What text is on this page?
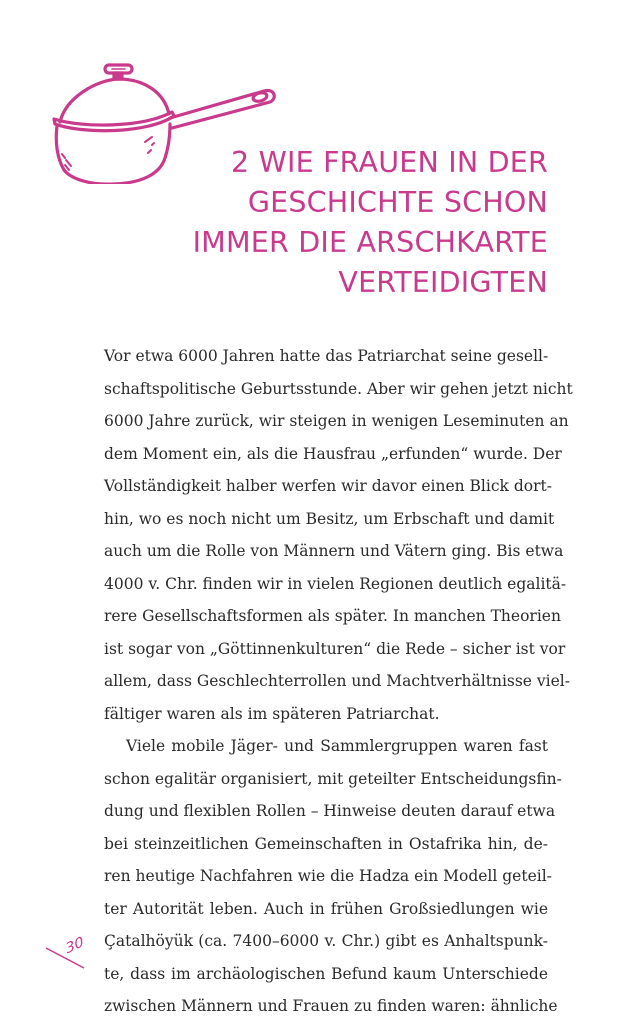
2 WIE FRAUEN IN DER
GESCHICHTE SCHON
IMMER DIE ARSCHKARTE
VERTEIDIGTEN
Vor etwa 6000 Jahren hatte das Patriarchat seine gesell-
schaftspolitische Geburtsstunde. Aber wir gehen jetzt nicht
6000 Jahre zurück, wir steigen in wenigen Leseminuten an
dem Moment ein, als die Hausfrau „erfunden“ wurde. Der
Vollständigkeit halber werfen wir davor einen Blick dort-
hin, wo es noch nicht um Besitz, um Erbschaft und damit
auch um die Rolle von Männern und Vätern ging. Bis etwa
4000 v. Chr. finden wir in vielen Regionen deutlich egalitä-
rere Gesellschaftsformen als später. In manchen Theorien
ist sogar von „Göttinnenkulturen“ die Rede – sicher ist vor
allem, dass Geschlechterrollen und Machtverhältnisse viel-
fältiger waren als im späteren Patriarchat.
Viele mobile Jäger- und Sammlergruppen waren fast
schon egalitär organisiert, mit geteilter Entscheidungsfin-
dung und flexiblen Rollen – Hinweise deuten darauf etwa
bei steinzeitlichen Gemeinschaften in Ostafrika hin, de-
ren heutige Nachfahren wie die Hadza ein Modell geteil-
ter Autorität leben. Auch in frühen Großsiedlungen wie
Çatalhöyük (ca. 7400–6000 v. Chr.) gibt es Anhaltspunk-
te, dass im archäologischen Befund kaum Unterschiede
zwischen Männern und Frauen zu finden waren: ähnliche
30
